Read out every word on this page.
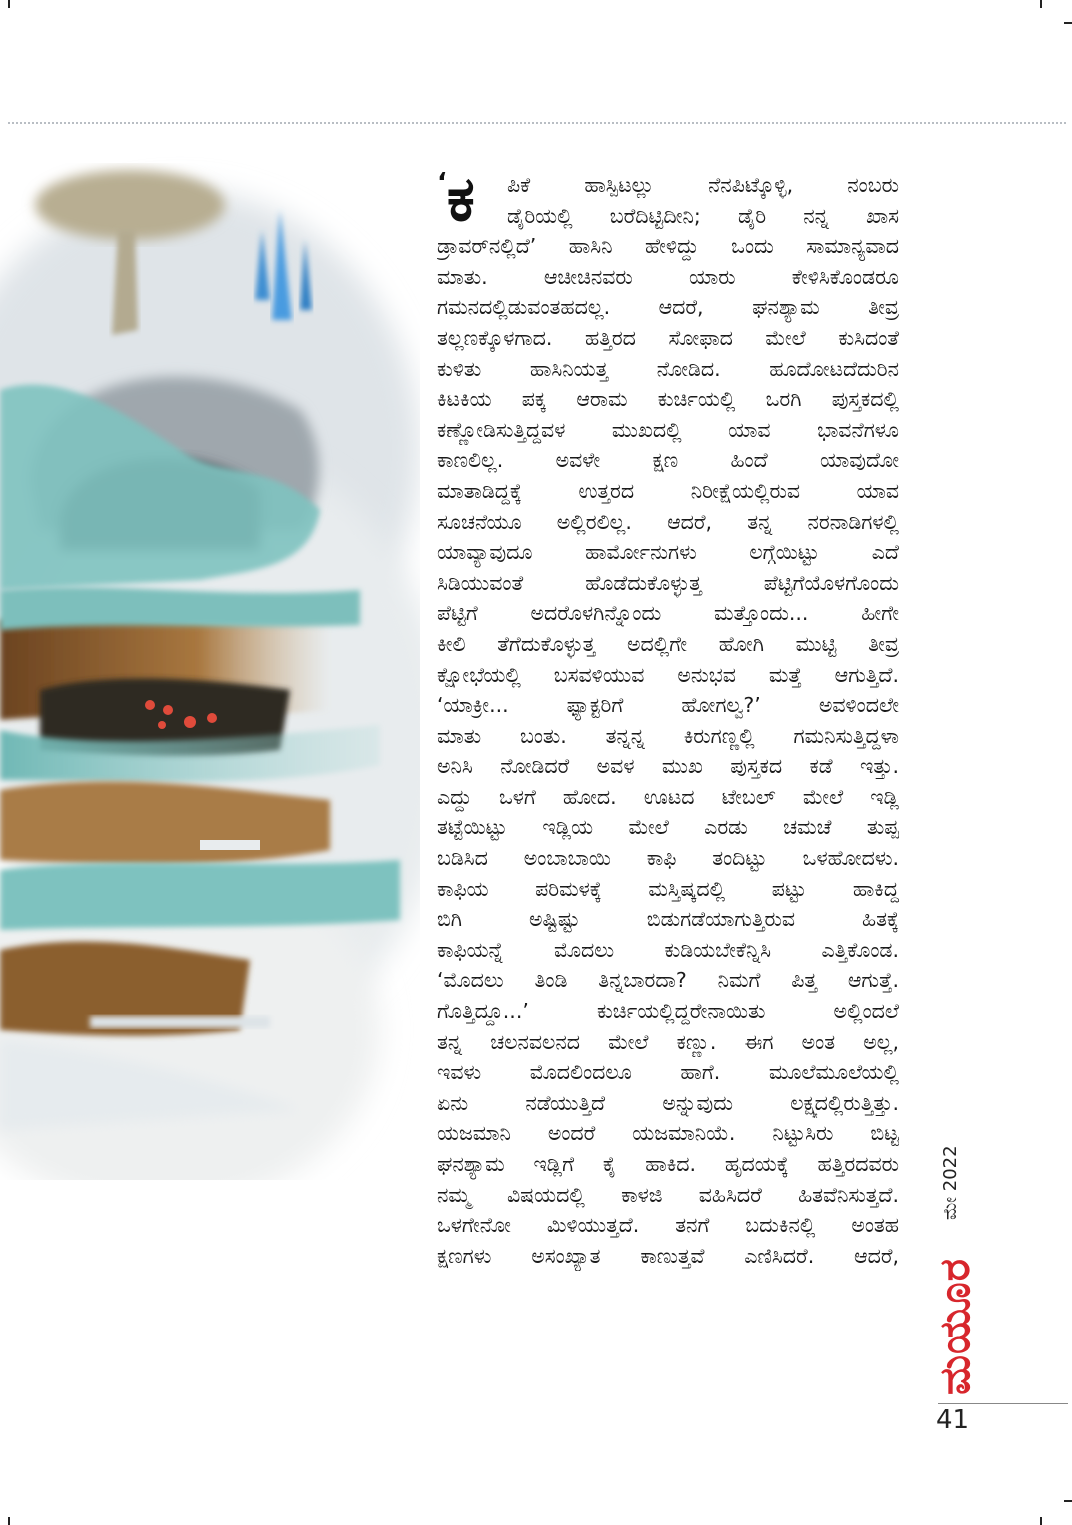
‘ಕ ಪಿಕೆ ಹಾಸ್ಪಿಟಲ್ಲು ನೆನಪಿಟ್ಕೊಳ್ಳಿ, ನಂಬರು
ಡೈರಿಯಲ್ಲಿ ಬರೆದಿಟ್ಟಿದೀನಿ; ಡೈರಿ ನನ್ನ ಖಾಸ
ಡ್ರಾವರ್‌ನಲ್ಲಿದೆ’ ಹಾಸಿನಿ ಹೇಳಿದ್ದು ಒಂದು ಸಾಮಾನ್ಯವಾದ
ಮಾತು. ಆಚೀಚಿನವರು ಯಾರು ಕೇಳಿಸಿಕೊಂಡರೂ
ಗಮನದಲ್ಲಿಡುವಂತಹದಲ್ಲ. ಆದರೆ, ಘನಶ್ಯಾಮ ತೀವ್ರ
ತಲ್ಲಣಕ್ಕೊಳಗಾದ. ಹತ್ತಿರದ ಸೋಫಾದ ಮೇಲೆ ಕುಸಿದಂತೆ
ಕುಳಿತು ಹಾಸಿನಿಯತ್ತ ನೋಡಿದ. ಹೂದೋಟದೆದುರಿನ
ಕಿಟಕಿಯ ಪಕ್ಕ ಆರಾಮ ಕುರ್ಚಿಯಲ್ಲಿ ಒರಗಿ ಪುಸ್ತಕದಲ್ಲಿ
ಕಣ್ಣೋಡಿಸುತ್ತಿದ್ದವಳ ಮುಖದಲ್ಲಿ ಯಾವ ಭಾವನೆಗಳೂ
ಕಾಣಲಿಲ್ಲ. ಅವಳೇ ಕ್ಷಣ ಹಿಂದೆ ಯಾವುದೋ
ಮಾತಾಡಿದ್ದಕ್ಕೆ ಉತ್ತರದ ನಿರೀಕ್ಷೆಯಲ್ಲಿರುವ ಯಾವ
ಸೂಚನೆಯೂ ಅಲ್ಲಿರಲಿಲ್ಲ. ಆದರೆ, ತನ್ನ ನರನಾಡಿಗಳಲ್ಲಿ
ಯಾವ್ಯಾವುದೂ ಹಾರ್ಮೋನುಗಳು ಲಗ್ಗೆಯಿಟ್ಟು ಎದೆ
ಸಿಡಿಯುವಂತೆ ಹೊಡೆದುಕೊಳ್ಳುತ್ತ ಪೆಟ್ಟಿಗೆಯೊಳಗೊಂದು
ಪೆಟ್ಟಿಗೆ ಅದರೊಳಗಿನ್ನೊಂದು ಮತ್ತೊಂದು... ಹೀಗೇ
ಕೀಲಿ ತೆಗೆದುಕೊಳ್ಳುತ್ತ ಅದಲ್ಲಿಗೇ ಹೋಗಿ ಮುಟ್ಟಿ ತೀವ್ರ
ಕ್ಷೋಭೆಯಲ್ಲಿ ಬಸವಳಿಯುವ ಅನುಭವ ಮತ್ತೆ ಆಗುತ್ತಿದೆ.
‘ಯಾಕ್ರೀ... ಫ್ಯಾಕ್ಟರಿಗೆ ಹೋಗಲ್ವ?’ ಅವಳಿಂದಲೇ
ಮಾತು ಬಂತು. ತನ್ನನ್ನ ಕಿರುಗಣ್ಣಲ್ಲಿ ಗಮನಿಸುತ್ತಿದ್ದಳಾ
ಅನಿಸಿ ನೋಡಿದರೆ ಅವಳ ಮುಖ ಪುಸ್ತಕದ ಕಡೆ ಇತ್ತು.
ಎದ್ದು ಒಳಗೆ ಹೋದ. ಊಟದ ಟೇಬಲ್ ಮೇಲೆ ಇಡ್ಲಿ
ತಟ್ಟೆಯಿಟ್ಟು ಇಡ್ಲಿಯ ಮೇಲೆ ಎರಡು ಚಮಚೆ ತುಪ್ಪ
ಬಡಿಸಿದ ಅಂಬಾಬಾಯಿ ಕಾಫಿ ತಂದಿಟ್ಟು ಒಳಹೋದಳು.
ಕಾಫಿಯ ಪರಿಮಳಕ್ಕೆ ಮಸ್ತಿಷ್ಕದಲ್ಲಿ ಪಟ್ಟು ಹಾಕಿದ್ದ
ಬಿಗಿ ಅಷ್ಟಿಷ್ಟು ಬಿಡುಗಡೆಯಾಗುತ್ತಿರುವ ಹಿತಕ್ಕೆ
ಕಾಫಿಯನ್ನೆ ಮೊದಲು ಕುಡಿಯಬೇಕೆನ್ನಿಸಿ ಎತ್ತಿಕೊಂಡ.
‘ಮೊದಲು ತಿಂಡಿ ತಿನ್ನಬಾರದಾ? ನಿಮಗೆ ಪಿತ್ತ ಆಗುತ್ತೆ.
ಗೊತ್ತಿದ್ದೂ...’ ಕುರ್ಚಿಯಲ್ಲಿದ್ದರೇನಾಯಿತು ಅಲ್ಲಿಂದಲೆ
ತನ್ನ ಚಲನವಲನದ ಮೇಲೆ ಕಣ್ಣು. ಈಗ ಅಂತ ಅಲ್ಲ,
ಇವಳು ಮೊದಲಿಂದಲೂ ಹಾಗೆ. ಮೂಲೆಮೂಲೆಯಲ್ಲಿ
ಏನು ನಡೆಯುತ್ತಿದೆ ಅನ್ನುವುದು ಲಕ್ಷ್ಯದಲ್ಲಿರುತ್ತಿತ್ತು.
ಯಜಮಾನಿ ಅಂದರೆ ಯಜಮಾನಿಯೆ. ನಿಟ್ಟುಸಿರು ಬಿಟ್ಟ
ಘನಶ್ಯಾಮ ಇಡ್ಲಿಗೆ ಕೈ ಹಾಕಿದ. ಹೃದಯಕ್ಕೆ ಹತ್ತಿರದವರು
ನಮ್ಮ ವಿಷಯದಲ್ಲಿ ಕಾಳಜಿ ವಹಿಸಿದರೆ ಹಿತವೆನಿಸುತ್ತದೆ.
ಒಳಗೇನೋ ಮಿಳಿಯುತ್ತದೆ. ತನಗೆ ಬದುಕಿನಲ್ಲಿ ಅಂತಹ
ಕ್ಷಣಗಳು ಅಸಂಖ್ಯಾತ ಕಾಣುತ್ತವೆ ಎಣಿಸಿದರೆ. ಆದರೆ,
ಮೇ 2022
ಮಯೂರ
41
